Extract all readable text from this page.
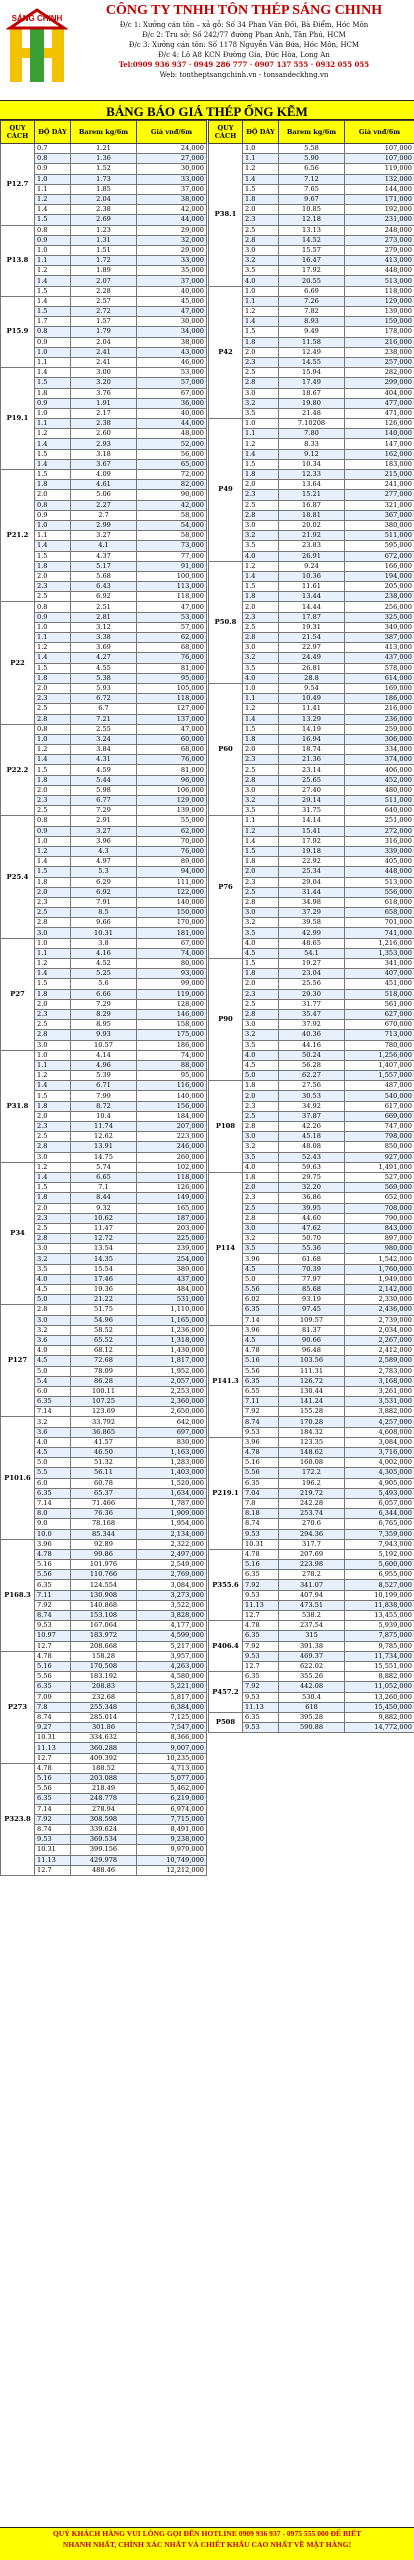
SÁNG CHINH

CÔNG TY TNHH TÔN THÉP SÁNG CHINH

Đ/c 1: Xưởng cán tôn – xả gỗ: Số 34 Phan Văn Đối, Bà Điểm, Hóc Môn

Đ/c 2: Tru sở: Số 242/77 đường Phan Anh, Tân Phú, HCM

Đ/c 3: Xưởng cán tôn: Số 1178 Nguyễn Văn Bứa, Hóc Môn, HCM

Đ/c 4: Lô A8 KCN Đường Gia, Đức Hòa, Long An

Tel:0909 936 937 · 0949 286 777 · 0907 137 555 · 0932 055 055

Web: tontheptsangchinh.vn - tonsandeckhng.vn

BẢNG BÁO GIÁ THÉP ỐNG KẼM
QUY CÁCH	ĐỘ DÀY	Barem kg/6m	Giá vnđ/6m
P12.7	0.7	1.21	24,000
	0.8	1.36	27,000
	0.9	1.52	30,000
	1.0	1.73	33,000
	1.1	1.85	37,000
	1.2	2.04	38,000
	1.4	2.38	42,000
	1.5	2.69	44,000
P13.8	0.8	1.23	29,000
	0.9	1.31	32,000
	1.0	1.51	29,000
	1.1	1.72	33,000
	1.2	1.89	35,000
	1.4	2.07	37,000
	1.5	2.28	40,000
P15.9	1.4	2.57	45,000
	1.5	2.72	47,000
	1.7	1.57	30,000
	0.8	1.79	34,000
	0.9	2.04	38,000
	1.0	2.41	43,000
	1.1	2.41	46,000
P19.1	1.4	3.00	53,000
	1.5	3.20	57,000
	1.8	3.76	67,000
	0.9	1.91	36,000
	1.0	2.17	40,000
	1.1	2.38	44,000
	1.2	2.60	48,000
	1.4	2.93	52,000
	1.5	3.18	56,000
	1.4	3.67	65,000
P21.2	1.5	4.09	72,000
	1.8	4.61	82,000
	2.0	5.06	90,000
	0.8	2.27	42,000
	0.9	2.7	58,000
	1.0	2.99	54,000
	1.1	3.27	58,000
	1.4	4.1	73,000
	1.5	4.37	77,000
	1.8	5.17	91,000
	2.0	5.68	100,000
	2.3	6.43	113,000
	2.5	6.92	118,000
P22	0.8	2.51	47,000
	0.9	2.81	53,000
	1.0	3.12	57,000
	1.1	3.38	62,000
	1.2	3.69	68,000
	1.4	4.27	76,000
	1.5	4.55	81,000
	1.8	5.38	95,000
	2.0	5.93	105,000
	2.3	6.72	118,000
	2.5	6.7	127,000
	2.8	7.21	137,000
P22.2	0.8	2.55	47,000
	1.0	3.24	60,000
	1.2	3.84	68,000
	1.4	4.31	76,000
	1.5	4.59	81,000
	1.8	5.44	96,000
	2.0	5.98	106,000
	2.3	6.77	129,000
	2.5	7.29	139,000
P25.4	0.8	2.91	55,000
	0.9	3.27	62,000
	1.0	3.96	70,000
	1.2	4.3	76,000
	1.4	4.97	89,000
	1.5	5.3	94,000
	1.8	6.29	111,000
	2.0	6.92	122,000
	2.3	7.91	140,000
	2.5	8.5	150,000
	2.8	9.66	170,000
	3.0	10.31	181,000
P27	1.0	3.8	67,000
	1.1	4.16	74,000
	1.2	4.52	80,000
	1.4	5.25	93,000
	1.5	5.6	99,000
	1.8	6.66	119,000
	2.0	7.29	128,000
	2.3	8.29	146,000
	2.5	8.95	158,000
	2.8	9.93	175,000
	3.0	10.57	186,000
P31.8	1.0	4.14	74,000
	1.1	4.96	88,000
	1.2	5.39	95,000
	1.4	6.71	116,000
	1.5	7.99	140,000
	1.8	8.72	156,000
	2.0	10.4	184,000
	2.3	11.74	207,000
	2.5	12.62	223,000
	2.8	13.91	246,000
	3.0	14.75	260,000
P34	1.2	5.74	102,000
	1.4	6.65	118,000
	1.5	7.1	126,000
	1.8	8.44	149,000
	2.0	9.32	165,000
	2.3	10.62	187,000
	2.5	11.47	203,000
	2.8	12.72	225,000
	3.0	13.54	239,000
	3.2	14.35	254,000
	3.5	15.54	389,000
	4.0	17.46	437,000
	4.5	19.36	484,000
	5.0	21.22	531,000
P127	2.8	51.75	1,110,000
	3.0	54.96	1,165,000
	3.2	58.52	1,236,000
	3.6	65.52	1,318,000
	4.0	68.12	1,430,000
	4.5	72.68	1,817,000
	5.0	78.09	1,952,000
	5.4	86.28	2,057,000
	6.0	100.11	2,253,000
	6.35	107.25	2,360,000
	7.14	123.69	2,650,000
P101.6	3.2	33.792	642,000
	3.6	36.865	697,000
	4.0	41.57	830,000
	4.5	46.50	1,163,000
	5.0	51.32	1,283,000
	5.5	56.11	1,403,000
	6.0	60.78	1,520,000
	6.35	65.37	1,634,000
	7.14	71.466	1,787,000
	8.0	76.36	1,909,000
	9.0	78.168	1,954,000
	10.0	85.344	2,134,000
P168.3	3.96	92.89	2,322,000
	4.78	99.86	2,497,000
	5.16	101.976	2,549,000
	5.56	110.766	2,769,000
	6.35	124.554	3,084,000
	7.11	130.908	3,273,000
	7.92	140.868	3,522,000
	8.74	153.108	3,828,000
	9.53	167.064	4,177,000
	10.97	183.972	4,599,000
	12.7	208.668	5,217,000
P273	4.78	158.28	3,957,000
	5.16	170.508	4,263,000
	5.56	183.192	4,580,000
	6.35	208.83	5,221,000
	7.09	232.68	5,817,000
	7.8	255.348	6,384,000
	8.74	285.014	7,125,000
	9.27	301.86	7,547,000
	10.31	334.632	8,366,000
	11.13	360.288	9,007,000
	12.7	409.392	10,235,000
P323.8	4.78	188.52	4,713,000
	5.16	203.088	5,077,000
	5.56	218.49	5,462,000
	6.35	248.778	6,219,000
	7.14	278.94	6,974,000
	7.92	308.598	7,715,000
	8.74	339.624	8,491,000
	9.53	369.534	9,238,000
	10.31	399.156	9,979,000
	11.13	429.978	10,749,000
	12.7	488.46	12,212,000
QUY CÁCH	ĐỘ DÀY	Barem kg/6m	Giá vnđ/6m
P38.1	1.0	5.58	107,000
	1.1	5.90	107,000
	1.2	6.56	119,000
	1.4	7.12	132,000
	1.5	7.65	144,000
	1.8	9.67	171,000
	2.0	10.85	192,000
	2.3	12.18	231,000
	2.5	13.13	248,000
	2.8	14.52	273,000
	3.0	15.57	279,000
	3.2	16.47	413,000
	3.5	17.92	448,000
	4.0	20.55	513,000
P42	1.0	6.69	118,000
	1.1	7.26	129,000
	1.2	7.82	139,000
	1.4	8.93	159,000
	1.5	9.49	178,000
	1.8	11.58	216,000
	2.0	12.49	238,000
	2.3	14.55	257,000
	2.5	15.94	282,000
	2.8	17.49	299,000
	3.0	18.67	404,000
	3.2	19.80	477,000
	3.5	21.48	471,000
P49	1.0	7.10208	126,000
	1.1	7.80	140,000
	1.2	8.33	147,000
	1.4	9.12	162,000
	1.5	10.34	183,000
	1.8	12.33	215,000
	2.0	13.64	241,000
	2.3	15.21	277,000
	2.5	16.87	321,000
	2.8	18.81	367,000
	3.0	20.02	380,000
	3.2	21.92	511,000
	3.5	23.83	595,000
	4.0	26.91	672,000
P50.8	1.2	9.24	166,000
	1.4	10.36	194,000
	1.5	11.61	205,000
	1.8	13.44	238,000
	2.0	14.44	256,000
	2.3	17.87	325,000
	2.5	19.31	349,000
	2.8	21.54	387,000
	3.0	22.97	413,000
	3.2	24.49	437,000
	3.5	26.81	578,000
	4.0	28.8	614,000
P60	1.0	9.54	169,000
	1.1	10.49	186,000
	1.2	11.41	216,000
	1.4	13.29	236,000
	1.5	14.19	259,000
	1.8	16.94	306,000
	2.0	18.74	334,000
	2.3	21.36	374,000
	2.5	23.14	406,000
	2.8	25.65	452,000
	3.0	27.40	480,000
	3.2	29.14	511,000
	3.5	31.75	640,000
P76	1.1	14.14	251,000
	1.2	15.41	272,000
	1.4	17.92	316,000
	1.5	19.18	339,000
	1.8	22.92	405,000
	2.0	25.34	448,000
	2.3	29.04	513,000
	2.5	31.44	556,000
	2.8	34.98	618,000
	3.0	37.29	658,000
	3.2	39.58	701,000
	3.5	42.99	741,000
	4.0	48.65	1,216,000
	4.5	54.1	1,353,000
P90	1.5	19.27	341,000
	1.8	23.04	407,000
	2.0	25.56	451,000
	2.3	29.30	518,000
	2.5	31.77	561,000
	2.8	35.47	627,000
	3.0	37.92	670,000
	3.2	40.36	713,000
	3.5	44.16	780,000
	4.0	50.24	1,256,000
	4.5	56.28	1,407,000
	5.0	62.27	1,557,000
P108	1.8	27.56	487,000
	2.0	30.53	540,000
	2.3	34.92	617,000
	2.5	37.87	669,000
	2.8	42.26	747,000
	3.0	45.18	798,000
	3.2	48.08	850,000
	3.5	52.43	927,000
	4.0	59.63	1,491,000
P114	1.8	29.75	527,000
	2.0	32.20	569,000
	2.3	36.86	652,000
	2.5	39.95	708,000
	2.8	44.60	790,000
	3.0	47.62	843,000
	3.2	50.70	897,000
	3.5	55.36	980,000
	3.96	61.68	1,542,000
	4.5	70.39	1,760,000
	5.0	77.97	1,949,000
	5.56	85.68	2,142,000
	6.02	93.19	2,330,000
	6.35	97.45	2,436,000
	7.14	109.57	2,739,000
P141.3	3.96	81.37	2,034,000
	4.5	90.66	2,267,000
	4.78	96.48	2,412,000
	5.16	103.56	2,589,000
	5.56	111.31	2,783,000
	6.35	126.72	3,168,000
	6.55	130.44	3,261,000
	7.11	141.24	3,531,000
	7.92	155.28	3,882,000
	8.74	170.28	4,257,000
	9.53	184.32	4,608,000
P219.1	3.96	123.35	3,084,000
	4.78	148.62	3,716,000
	5.16	160.08	4,002,000
	5.56	172.2	4,305,000
	6.35	196.2	4,905,000
	7.04	219.72	5,493,000
	7.8	242.28	6,057,000
	8.18	253.74	6,344,000
	8.74	270.6	6,765,000
	9.53	294.36	7,359,000
	10.31	317.7	7,943,000
P355.6	4.78	207.69	5,192,000
	5.16	223.98	5,600,000
	6.35	278.2	6,955,000
	7.92	341.07	8,527,000
	9.53	407.94	10,199,000
	11.13	473.51	11,838,000
	12.7	538.2	13,455,000
P406.4	4.78	237.54	5,939,000
	6.35	315	7,875,000
	7.92	391.38	9,785,000
	9.53	469.37	11,734,000
	12.7	622.02	15,551,000
P457.2	6.35	355.26	8,882,000
	7.92	442.08	11,052,000
	9.53	530.4	13,260,000
	11.13	618	15,450,000
P508	6.35	395.28	9,882,000
	9.53	590.88	14,772,000

QUÝ KHÁCH HÀNG VUI LÒNG GỌI ĐẾN HOTLINE 0909 936 937 - 0975 555 000 ĐỂ BIẾT

NHANH NHẤT, CHÍNH XÁC NHẤT VÀ CHIẾT KHẤU CAO NHẤT VỀ MẶT HÀNG!
